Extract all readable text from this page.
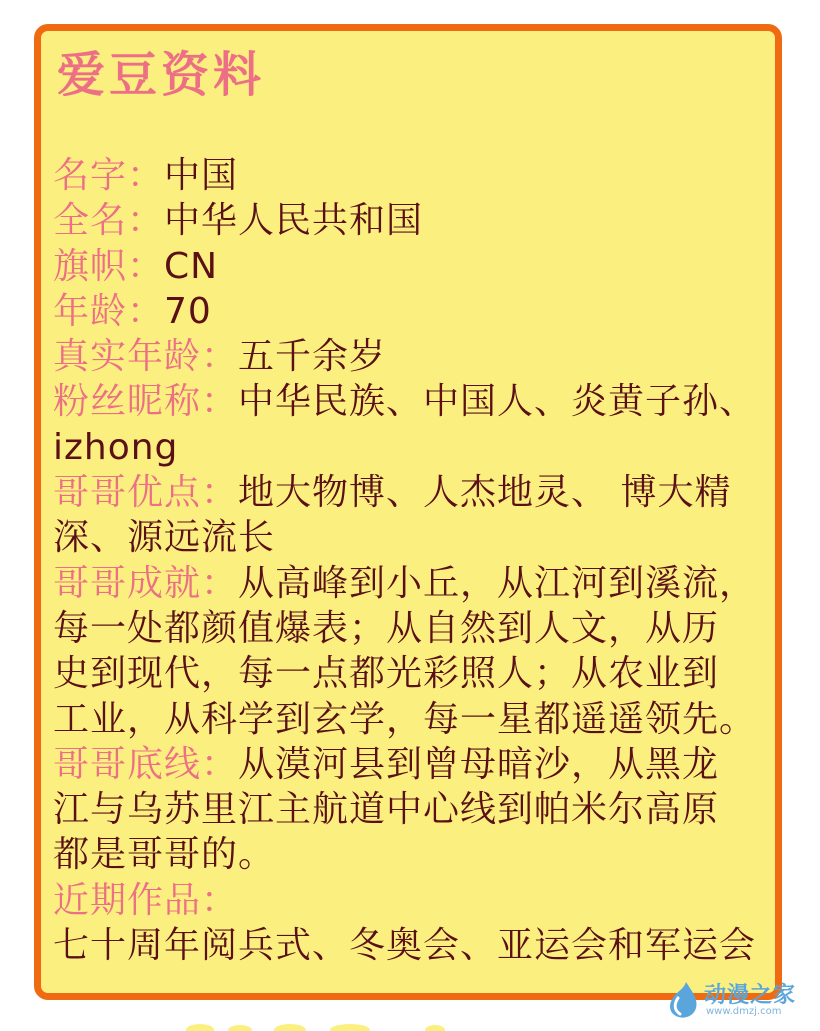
爱豆资料
名字：中国
全名：中华人民共和国
旗帜：CN
年龄：70
真实年龄：五千余岁
粉丝昵称：中华民族、中国人、炎黄子孙、
izhong
哥哥优点：地大物博、人杰地灵、 博大精
深、源远流长
哥哥成就：从高峰到小丘，从江河到溪流，
每一处都颜值爆表；从自然到人文，从历
史到现代，每一点都光彩照人；从农业到
工业，从科学到玄学，每一星都遥遥领先。
哥哥底线：从漠河县到曾母暗沙，从黑龙
江与乌苏里江主航道中心线到帕米尔高原
都是哥哥的。
近期作品：
七十周年阅兵式、冬奥会、亚运会和军运会
动漫之家
www.dmzj.com
